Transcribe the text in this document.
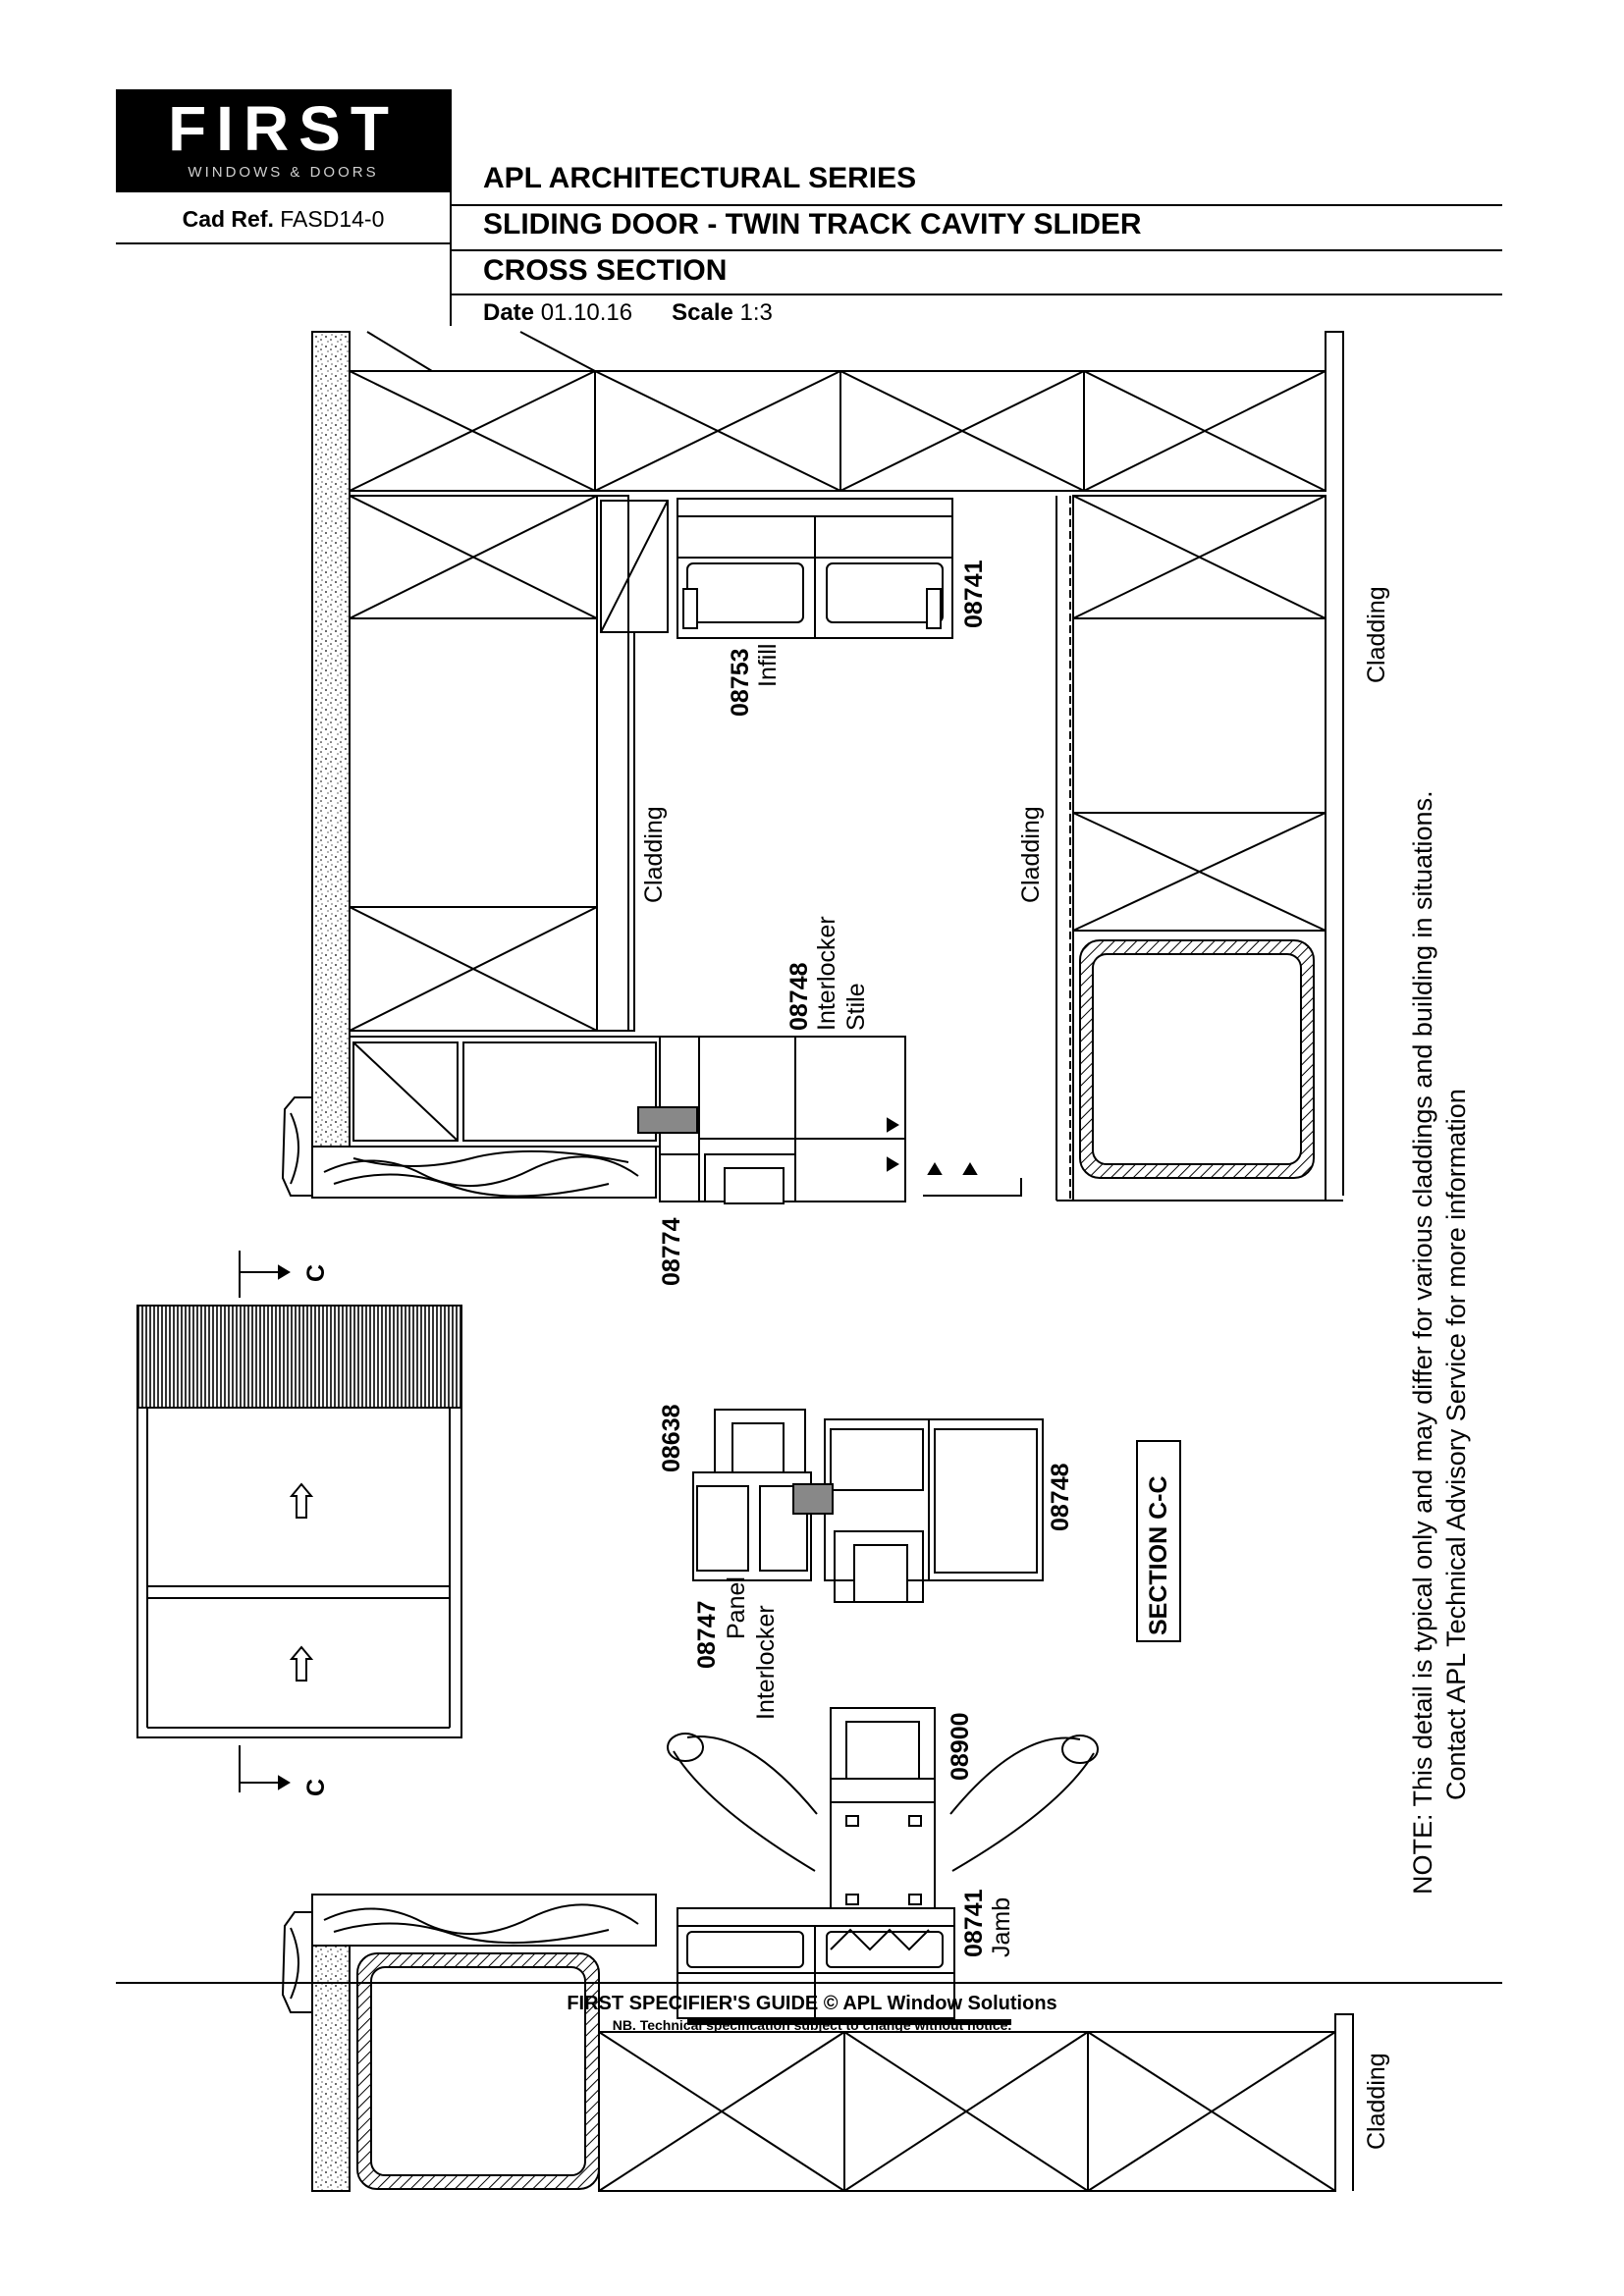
FIRST
WINDOWS & DOORS
Cad Ref. FASD14-0
APL ARCHITECTURAL SERIES
SLIDING DOOR - TWIN TRACK CAVITY SLIDER
CROSS SECTION
Date 01.10.16 Scale 1:3
Cladding
Cladding	Cladding
08753 Infill
08741
08748 Interlocker Stile
08774
C
C
08638
08748
08747 Panel Interlocker
SECTION C-C
08900
08741 Jamb
Cladding
NOTE: This detail is typical only and may differ for various claddings and building in situations. Contact APL Technical Advisory Service for more information
FIRST SPECIFIER'S GUIDE © APL Window Solutions
NB. Technical specification subject to change without notice.
